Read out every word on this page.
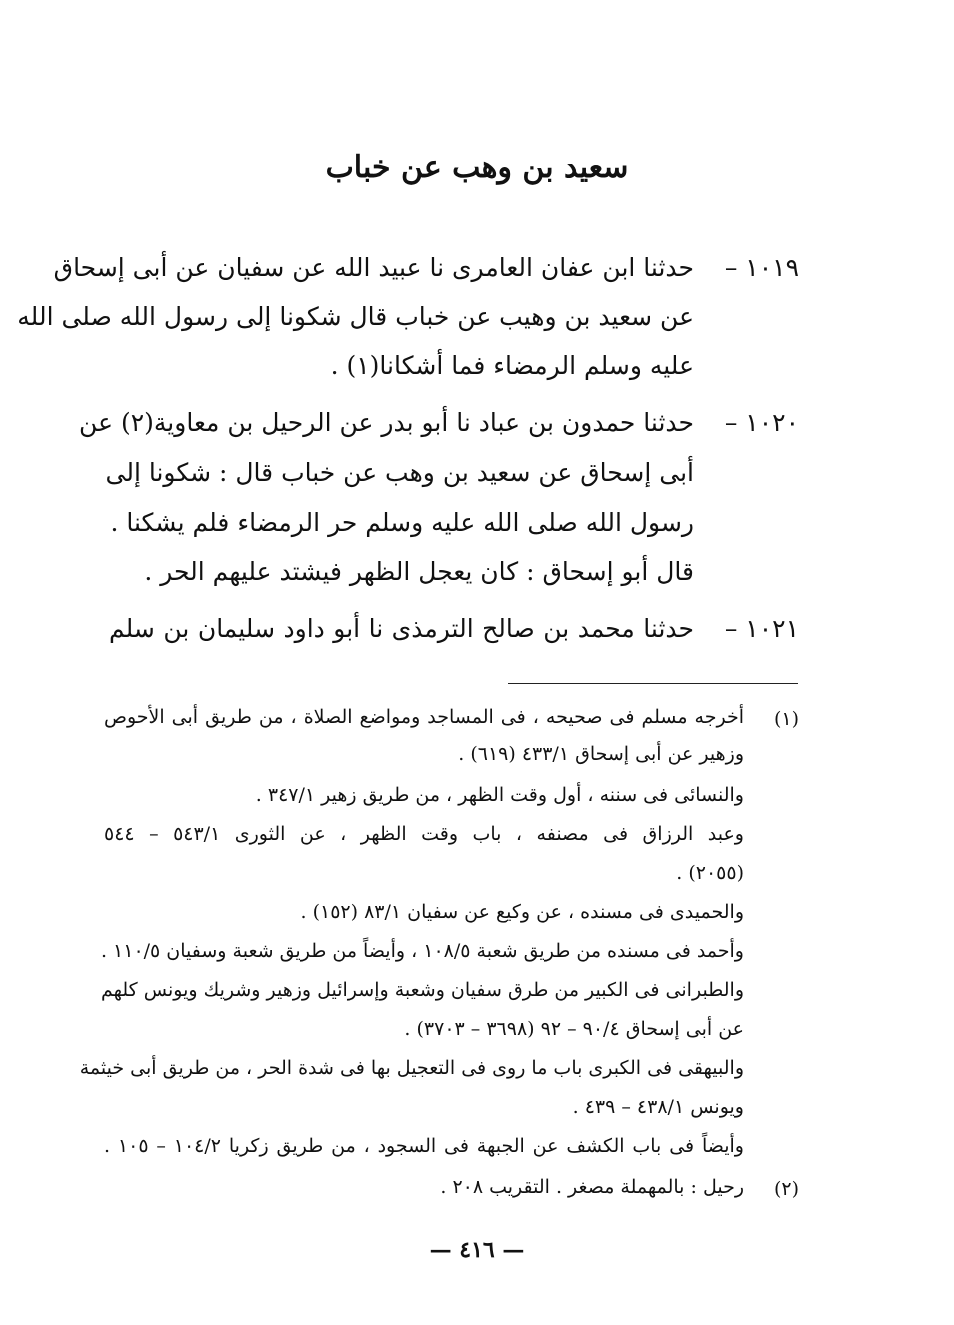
سعيد بن وهب عن خباب
١٠١٩ –
حدثنا ابن عفان العامرى نا عبيد الله عن سفيان عن أبى إسحاق
عن سعيد بن وهيب عن خباب قال شكونا إلى رسول الله صلى الله
عليه وسلم الرمضاء فما أشكانا(١) .
١٠٢٠ –
حدثنا حمدون بن عباد نا أبو بدر عن الرحيل بن معاوية(٢) عن
أبى إسحاق عن سعيد بن وهب عن خباب قال : شكونا إلى
رسول الله صلى الله عليه وسلم حر الرمضاء فلم يشكنا .
قال أبو إسحاق : كان يعجل الظهر فيشتد عليهم الحر .
١٠٢١ –
حدثنا محمد بن صالح الترمذى نا أبو داود سليمان بن سلم
(١)
أخرجه مسلم فى صحيحه ، فى المساجد ومواضع الصلاة ، من طريق أبى الأحوص
وزهير عن أبى إسحاق ٤٣٣/١ (٦١٩) .
والنسائى فى سننه ، أول وقت الظهر ، من طريق زهير ٣٤٧/١ .
وعبد الرزاق فى مصنفه ، باب وقت الظهر ، عن الثورى ٥٤٣/١ – ٥٤٤
(٢٠٥٥) .
والحميدى فى مسنده ، عن وكيع عن سفيان ٨٣/١ (١٥٢) .
وأحمد فى مسنده من طريق شعبة ١٠٨/٥ ، وأيضاً من طريق شعبة وسفيان ١١٠/٥ .
والطبرانى فى الكبير من طرق سفيان وشعبة وإسرائيل وزهير وشريك ويونس كلهم
عن أبى إسحاق ٩٠/٤ – ٩٢ (٣٦٩٨ – ٣٧٠٣) .
والبيهقى فى الكبرى باب ما روى فى التعجيل بها فى شدة الحر ، من طريق أبى خيثمة
ويونس ٤٣٨/١ – ٤٣٩ .
وأيضاً فى باب الكشف عن الجبهة فى السجود ، من طريق زكريا ١٠٤/٢ – ١٠٥ .
(٢)
رحيل : بالمهملة مصغر . التقريب ٢٠٨ .
— ٤١٦ —
